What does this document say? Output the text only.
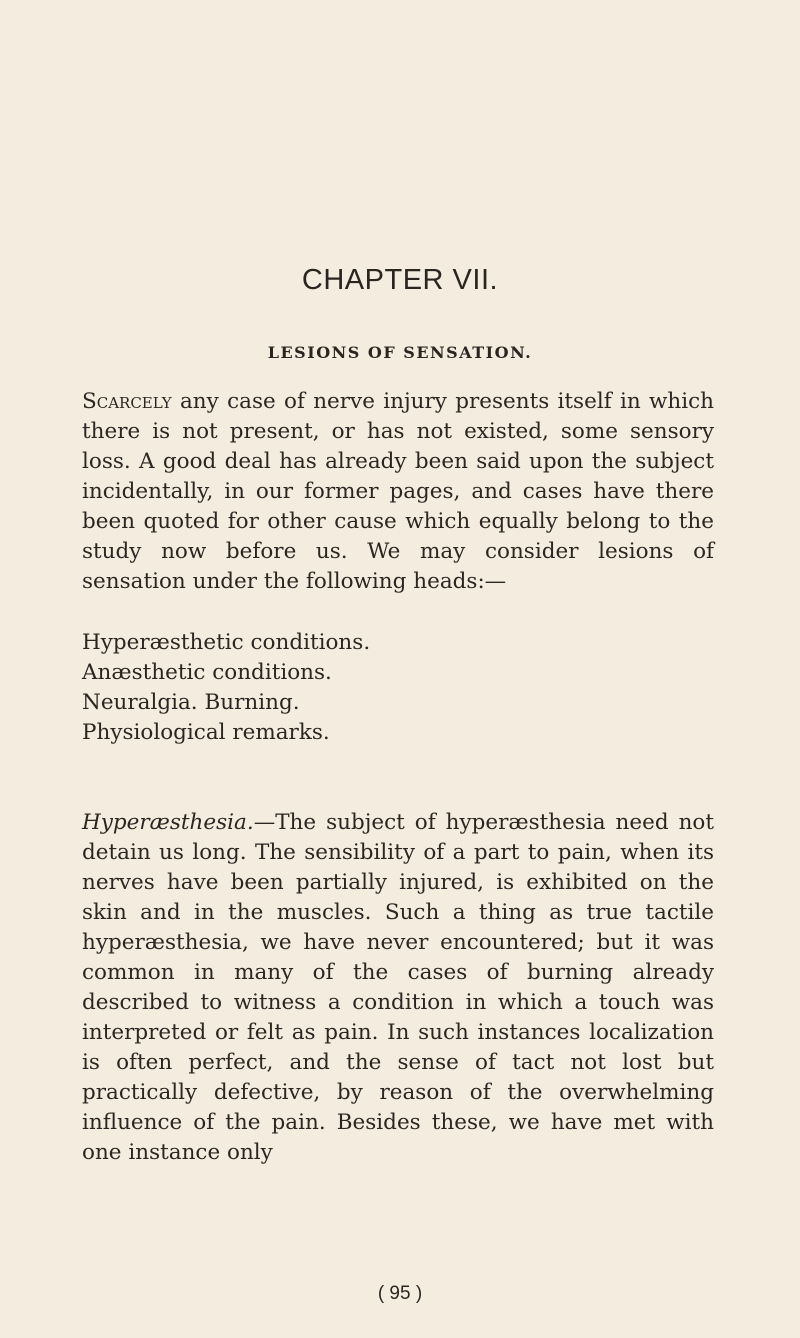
CHAPTER VII.
LESIONS OF SENSATION.
Scarcely any case of nerve injury presents itself in which there is not present, or has not existed, some sensory loss. A good deal has already been said upon the subject incidentally, in our former pages, and cases have there been quoted for other cause which equally belong to the study now before us. We may consider lesions of sensation under the following heads:—
Hyperæsthetic conditions.
Anæsthetic conditions.
Neuralgia. Burning.
Physiological remarks.
Hyperæsthesia.—The subject of hyperæsthesia need not detain us long. The sensibility of a part to pain, when its nerves have been partially injured, is exhibited on the skin and in the muscles. Such a thing as true tactile hyperæsthesia, we have never encountered; but it was common in many of the cases of burning already described to witness a condition in which a touch was interpreted or felt as pain. In such instances localization is often perfect, and the sense of tact not lost but practically defective, by reason of the overwhelming influence of the pain. Besides these, we have met with one instance only
( 95 )
